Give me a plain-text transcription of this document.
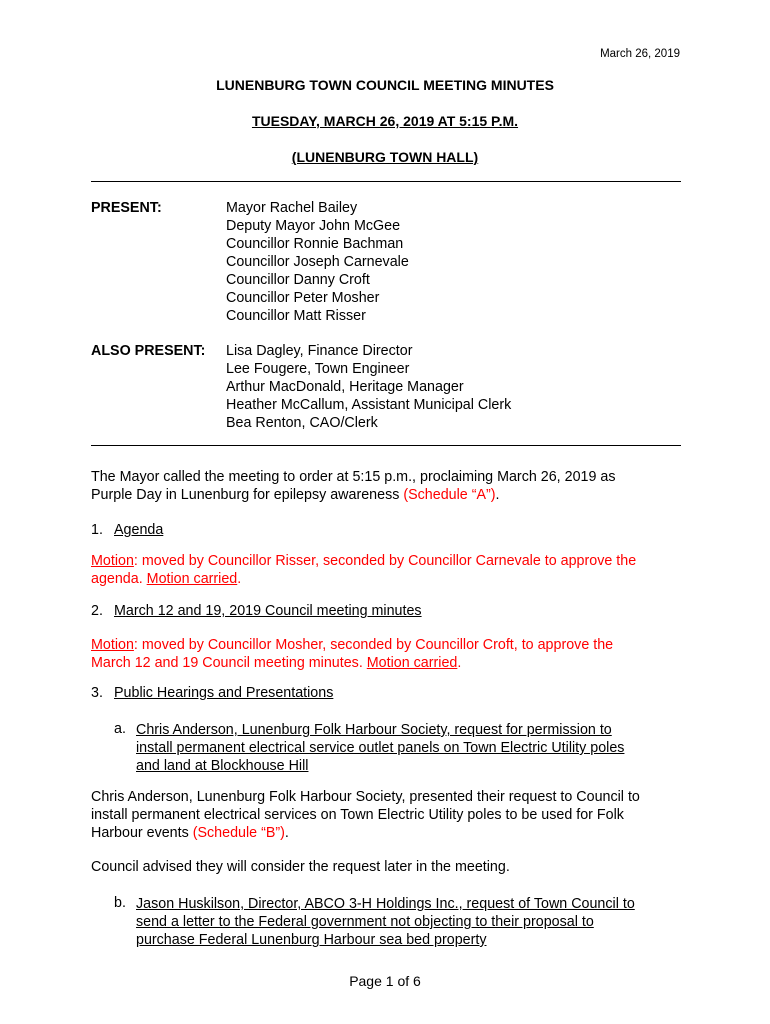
March 26, 2019
LUNENBURG TOWN COUNCIL MEETING MINUTES
TUESDAY, MARCH 26, 2019 AT 5:15 P.M.
(LUNENBURG TOWN HALL)
PRESENT:	Mayor Rachel Bailey
Deputy Mayor John McGee
Councillor Ronnie Bachman
Councillor Joseph Carnevale
Councillor Danny Croft
Councillor Peter Mosher
Councillor Matt Risser
ALSO PRESENT: Lisa Dagley, Finance Director
Lee Fougere, Town Engineer
Arthur MacDonald, Heritage Manager
Heather McCallum, Assistant Municipal Clerk
Bea Renton, CAO/Clerk
The Mayor called the meeting to order at 5:15 p.m., proclaiming March 26, 2019 as
Purple Day in Lunenburg for epilepsy awareness (Schedule “A”).
1. Agenda
Motion: moved by Councillor Risser, seconded by Councillor Carnevale to approve the
agenda. Motion carried.
2. March 12 and 19, 2019 Council meeting minutes
Motion: moved by Councillor Mosher, seconded by Councillor Croft, to approve the
March 12 and 19 Council meeting minutes. Motion carried.
3. Public Hearings and Presentations
a. Chris Anderson, Lunenburg Folk Harbour Society, request for permission to
install permanent electrical service outlet panels on Town Electric Utility poles
and land at Blockhouse Hill
Chris Anderson, Lunenburg Folk Harbour Society, presented their request to Council to
install permanent electrical services on Town Electric Utility poles to be used for Folk
Harbour events (Schedule “B”).
Council advised they will consider the request later in the meeting.
b. Jason Huskilson, Director, ABCO 3-H Holdings Inc., request of Town Council to
send a letter to the Federal government not objecting to their proposal to
purchase Federal Lunenburg Harbour sea bed property
Page 1 of 6
